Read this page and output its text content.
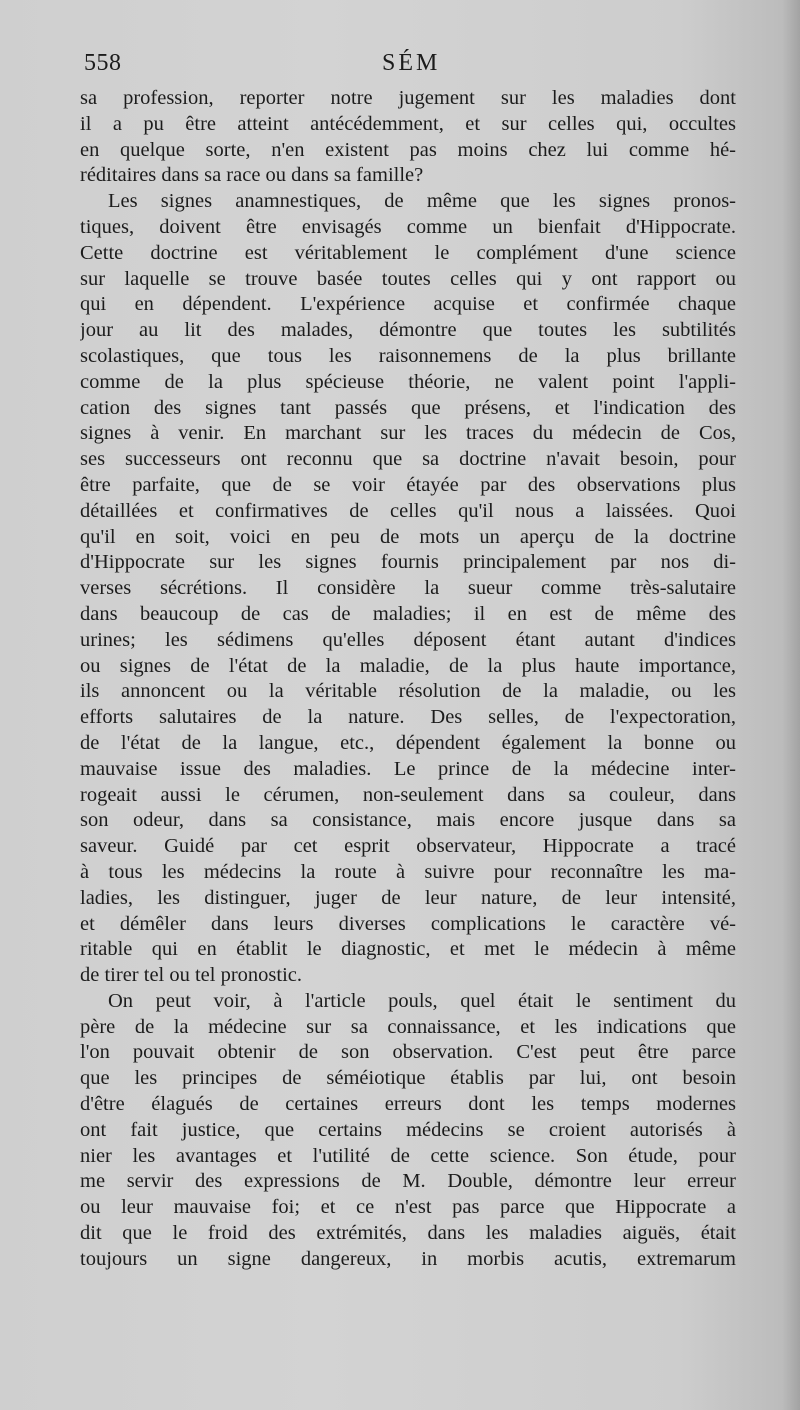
558	SÉM
sa profession, reporter notre jugement sur les maladies dont
il a pu être atteint antécédemment, et sur celles qui, occultes
en quelque sorte, n'en existent pas moins chez lui comme hé-
réditaires dans sa race ou dans sa famille?
Les signes anamnestiques, de même que les signes pronos-
tiques, doivent être envisagés comme un bienfait d'Hippocrate.
Cette doctrine est véritablement le complément d'une science
sur laquelle se trouve basée toutes celles qui y ont rapport ou
qui en dépendent. L'expérience acquise et confirmée chaque
jour au lit des malades, démontre que toutes les subtilités
scolastiques, que tous les raisonnemens de la plus brillante
comme de la plus spécieuse théorie, ne valent point l'appli-
cation des signes tant passés que présens, et l'indication des
signes à venir. En marchant sur les traces du médecin de Cos,
ses successeurs ont reconnu que sa doctrine n'avait besoin, pour
être parfaite, que de se voir étayée par des observations plus
détaillées et confirmatives de celles qu'il nous a laissées. Quoi
qu'il en soit, voici en peu de mots un aperçu de la doctrine
d'Hippocrate sur les signes fournis principalement par nos di-
verses sécrétions. Il considère la sueur comme très-salutaire
dans beaucoup de cas de maladies; il en est de même des
urines; les sédimens qu'elles déposent étant autant d'indices
ou signes de l'état de la maladie, de la plus haute importance,
ils annoncent ou la véritable résolution de la maladie, ou les
efforts salutaires de la nature. Des selles, de l'expectoration,
de l'état de la langue, etc., dépendent également la bonne ou
mauvaise issue des maladies. Le prince de la médecine inter-
rogeait aussi le cérumen, non-seulement dans sa couleur, dans
son odeur, dans sa consistance, mais encore jusque dans sa
saveur. Guidé par cet esprit observateur, Hippocrate a tracé
à tous les médecins la route à suivre pour reconnaître les ma-
ladies, les distinguer, juger de leur nature, de leur intensité,
et démêler dans leurs diverses complications le caractère vé-
ritable qui en établit le diagnostic, et met le médecin à même
de tirer tel ou tel pronostic.
On peut voir, à l'article pouls, quel était le sentiment du
père de la médecine sur sa connaissance, et les indications que
l'on pouvait obtenir de son observation. C'est peut être parce
que les principes de séméiotique établis par lui, ont besoin
d'être élagués de certaines erreurs dont les temps modernes
ont fait justice, que certains médecins se croient autorisés à
nier les avantages et l'utilité de cette science. Son étude, pour
me servir des expressions de M. Double, démontre leur erreur
ou leur mauvaise foi; et ce n'est pas parce que Hippocrate a
dit que le froid des extrémités, dans les maladies aiguës, était
toujours un signe dangereux, in morbis acutis, extremarum
